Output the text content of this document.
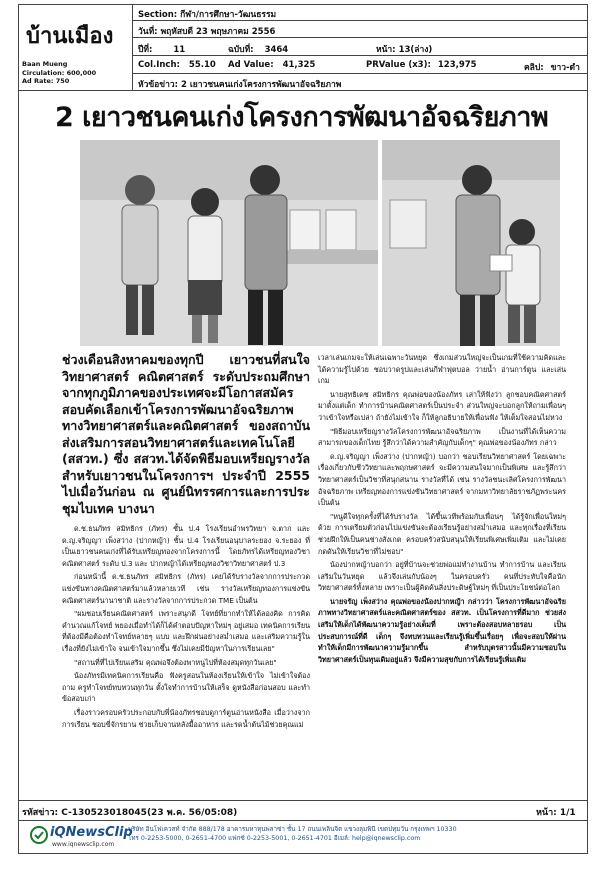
บ้านเมือง
Baan Mueng
Circulation: 600,000
Ad Rate: 750
Section: กีฬา/การศึกษา-วัฒนธรรม
วันที่: พฤหัสบดี 23 พฤษภาคม 2556
ปีที่: 11	ฉบับที่: 3464	หน้า: 13(ล่าง)
Col.Inch: 55.10 Ad Value: 41,325	PRValue (x3): 123,975	คลิป: ขาว-ดำ
หัวข้อข่าว: 2 เยาวชนคนเก่งโครงการพัฒนาอัจฉริยภาพ
2 เยาวชนคนเก่งโครงการพัฒนาอัจฉริยภาพ
ช่วงเดือนสิงหาคมของทุกปี เยาวชนที่สนใจวิทยาศาสตร์ คณิตศาสตร์ ระดับประถมศึกษาจากทุกภูมิภาคของประเทศจะมีโอกาสสมัครสอบคัดเลือกเข้าโครงการพัฒนาอัจฉริยภาพทางวิทยาศาสตร์และคณิตศาสตร์ ของสถาบันส่งเสริมการสอนวิทยาศาสตร์และเทคโนโลยี (สสวท.) ซึ่ง สสวท.ได้จัดพิธีมอบเหรียญรางวัลสำหรับเยาวชนในโครงการฯ ประจำปี 2555 ไปเมื่อวันก่อน ณ ศูนย์นิทรรศการและการประชุมไบเทค บางนา

ด.ช.ธนภัทร สมิทธิกร (ภัทร) ชั้น ป.4 โรงเรียนอำพรวิทยา จ.ตาก และ ด.ญ.จริญญา เพ็งสว่าง (ปากหญ้า) ชั้น ป.4 โรงเรียนอนุบาลระยอง จ.ระยอง ที่เป็นเยาวชนคนเก่งที่ได้รับเหรียญทองจากโครงการนี้ โดยภัทรได้เหรียญทองวิชาคณิตศาสตร์ ระดับ ป.3 และ ปากหญ้าได้เหรียญทองวิชาวิทยาศาสตร์ ป.3

ก่อนหน้านี้ ด.ช.ธนภัทร สมิทธิกร (ภัทร) เคยได้รับรางวัลจากการประกวดแข่งขันทางคณิตศาสตร์มาแล้วหลายเวที เช่น รางวัลเหรียญทองการแข่งขันคณิตศาสตร์นานาชาติ และรางวัลจากการประกวด TME เป็นต้น

"ผมชอบเรียนคณิตศาสตร์ เพราะสนุกดี โจทย์ที่ยากทำให้ได้ลองคิด การคิดคำนวณแก้โจทย์ พยองเมื่อทำได้ก็ได้คำตอบปัญหาใหม่ๆ อยู่เสมอ เทคนิคการเรียนที่ต้องมีคือต้องทำโจทย์หลายๆ แบบ และฝึกฝนอย่างสม่ำเสมอ และเสริมความรู้ในเรื่องที่ยังไม่เข้าใจ จนเข้าใจมากขึ้น ซึ่งไม่เคยมีปัญหาในการเรียนเลย"

"สถานที่ที่ไปเรียนเสริม คุณพ่อจึงต้องพาหนูไปที่ห้องสมุดทุกวันเลย"

น้องภัทรมีเทคนิคการเรียนคือ ฟังครูสอนในห้องเรียนให้เข้าใจ ไม่เข้าใจต้องถาม ครูทำโจทย์ทบทวนทุกวัน ตั้งใจทำการบ้านให้เสร็จ ดูหนังสือก่อนสอบ และทำข้อสอบเก่า

เรื่องราวครอบครัวประกอบกับพี่น้องภัทรชอบดูการ์ตูนอ่านหนังสือ เมื่อว่างจากการเรียน ชอบขี่จักรยาน ช่วยเก็บจานหลังมื้ออาหาร และรดน้ำต้นไม้ช่วยคุณแม่

เวลาเล่นเกมจะให้เล่นเฉพาะวันหยุด ซึ่งเกมส่วนใหญ่จะเป็นเกมที่ใช้ความคิดและได้ความรู้ไปด้วย ชอบวาดรูปและเล่นกีฬาฟุตบอล ว่ายน้ำ อ่านการ์ตูน และเล่นเกม

นายสุทธิเดช สมิทธิกร คุณพ่อของน้องภัทร เล่าให้ฟังว่า ลูกชอบคณิตศาสตร์มาตั้งแต่เด็ก ทำการบ้านคณิตศาสตร์เป็นประจำ ส่วนใหญ่จะบอกลูกให้ถามเพื่อนๆ ว่าเข้าใจหรือเปล่า ถ้ายังไม่เข้าใจ ก็ให้ลูกอธิบายให้เพื่อนฟัง ให้เต็มใจสอนไม่หวง

"พิธีมอบเหรียญรางวัลโครงการพัฒนาอัจฉริยภาพ เป็นงานที่ได้เห็นความสามารถของเด็กไทย รู้สึกว่าได้ความสำคัญกับเด็กๆ" คุณพ่อของน้องภัทร กล่าว

ด.ญ.จริญญา เพ็งสว่าง (ปากหญ้า) บอกว่า ชอบเรียนวิทยาศาสตร์ โดยเฉพาะเรื่องเกี่ยวกับชีววิทยาและพฤกษศาสตร์ จะมีความสนใจมากเป็นพิเศษ และรู้สึกว่าวิทยาศาสตร์เป็นวิชาที่สนุกสนาน รางวัลที่ได้ เช่น รางวัลชนะเลิศโครงการพัฒนาอัจฉริยภาพ เหรียญทองการแข่งขันวิทยาศาสตร์ จากมหาวิทยาลัยราชภัฏพระนคร เป็นต้น

"หนูดีใจทุกครั้งที่ได้รับรางวัล ได้ขึ้นเวทีพร้อมกับเพื่อนๆ ได้รู้จักเพื่อนใหม่ๆ ด้วย การเตรียมตัวก่อนไปแข่งขันจะต้องเรียนรู้อย่างสม่ำเสมอ และทุกเรื่องที่เรียนช่วยฝึกให้เป็นคนช่างสังเกต ครอบครัวสนับสนุนให้เรียนพิเศษเพิ่มเติม และไม่เคยกดดันให้เรียนวิชาที่ไม่ชอบ"

น้องปากหญ้าบอกว่า อยู่ที่บ้านจะช่วยพ่อแม่ทำงานบ้าน ทำการบ้าน และเรียนเสริมในวันหยุด แล้วจึงเล่นกับน้องๆ ในครอบครัว คนที่ประทับใจคือนักวิทยาศาสตร์ทั้งหลาย เพราะเป็นผู้คิดค้นสิ่งประดิษฐ์ใหม่ๆ ที่เป็นประโยชน์ต่อโลก

นายจรัญ เพ็งสว่าง คุณพ่อของน้องปากหญ้า กล่าวว่า โครงการพัฒนาอัจฉริยภาพทางวิทยาศาสตร์และคณิตศาสตร์ของ สสวท. เป็นโครงการที่ดีมาก ช่วยส่งเสริมให้เด็กได้พัฒนาความรู้อย่างเต็มที่ เพราะต้องสอบหลายรอบ เป็นประสบการณ์ที่ดี เด็กๆ จึงทบทวนและเรียนรู้เพิ่มขึ้นเรื่อยๆ เพื่อจะสอบให้ผ่าน ทำให้เด็กมีการพัฒนาความรู้มากขึ้น สำหรับบุตรสาวนั้นมีความชอบในวิทยาศาสตร์เป็นทุนเดิมอยู่แล้ว จึงมีความสุขกับการได้เรียนรู้เพิ่มเติม

รหัสข่าว: C-130523018045(23 พ.ค. 56/05:08)	หน้า: 1/1
iQNewsClip
www.iqnewsclip.com
บริษัท อินโฟเควสท์ จำกัด 888/178 อาคารมหาทุนพลาซ่า ชั้น 17 ถนนเพลินจิต แขวงลุมพินี เขตปทุมวัน กรุงเทพฯ 10330
โทร 0-2253-5000, 0-2651-4700 แฟกซ์ 0-2253-5001, 0-2651-4701 อีเมล์: help@iqnewsclip.com
